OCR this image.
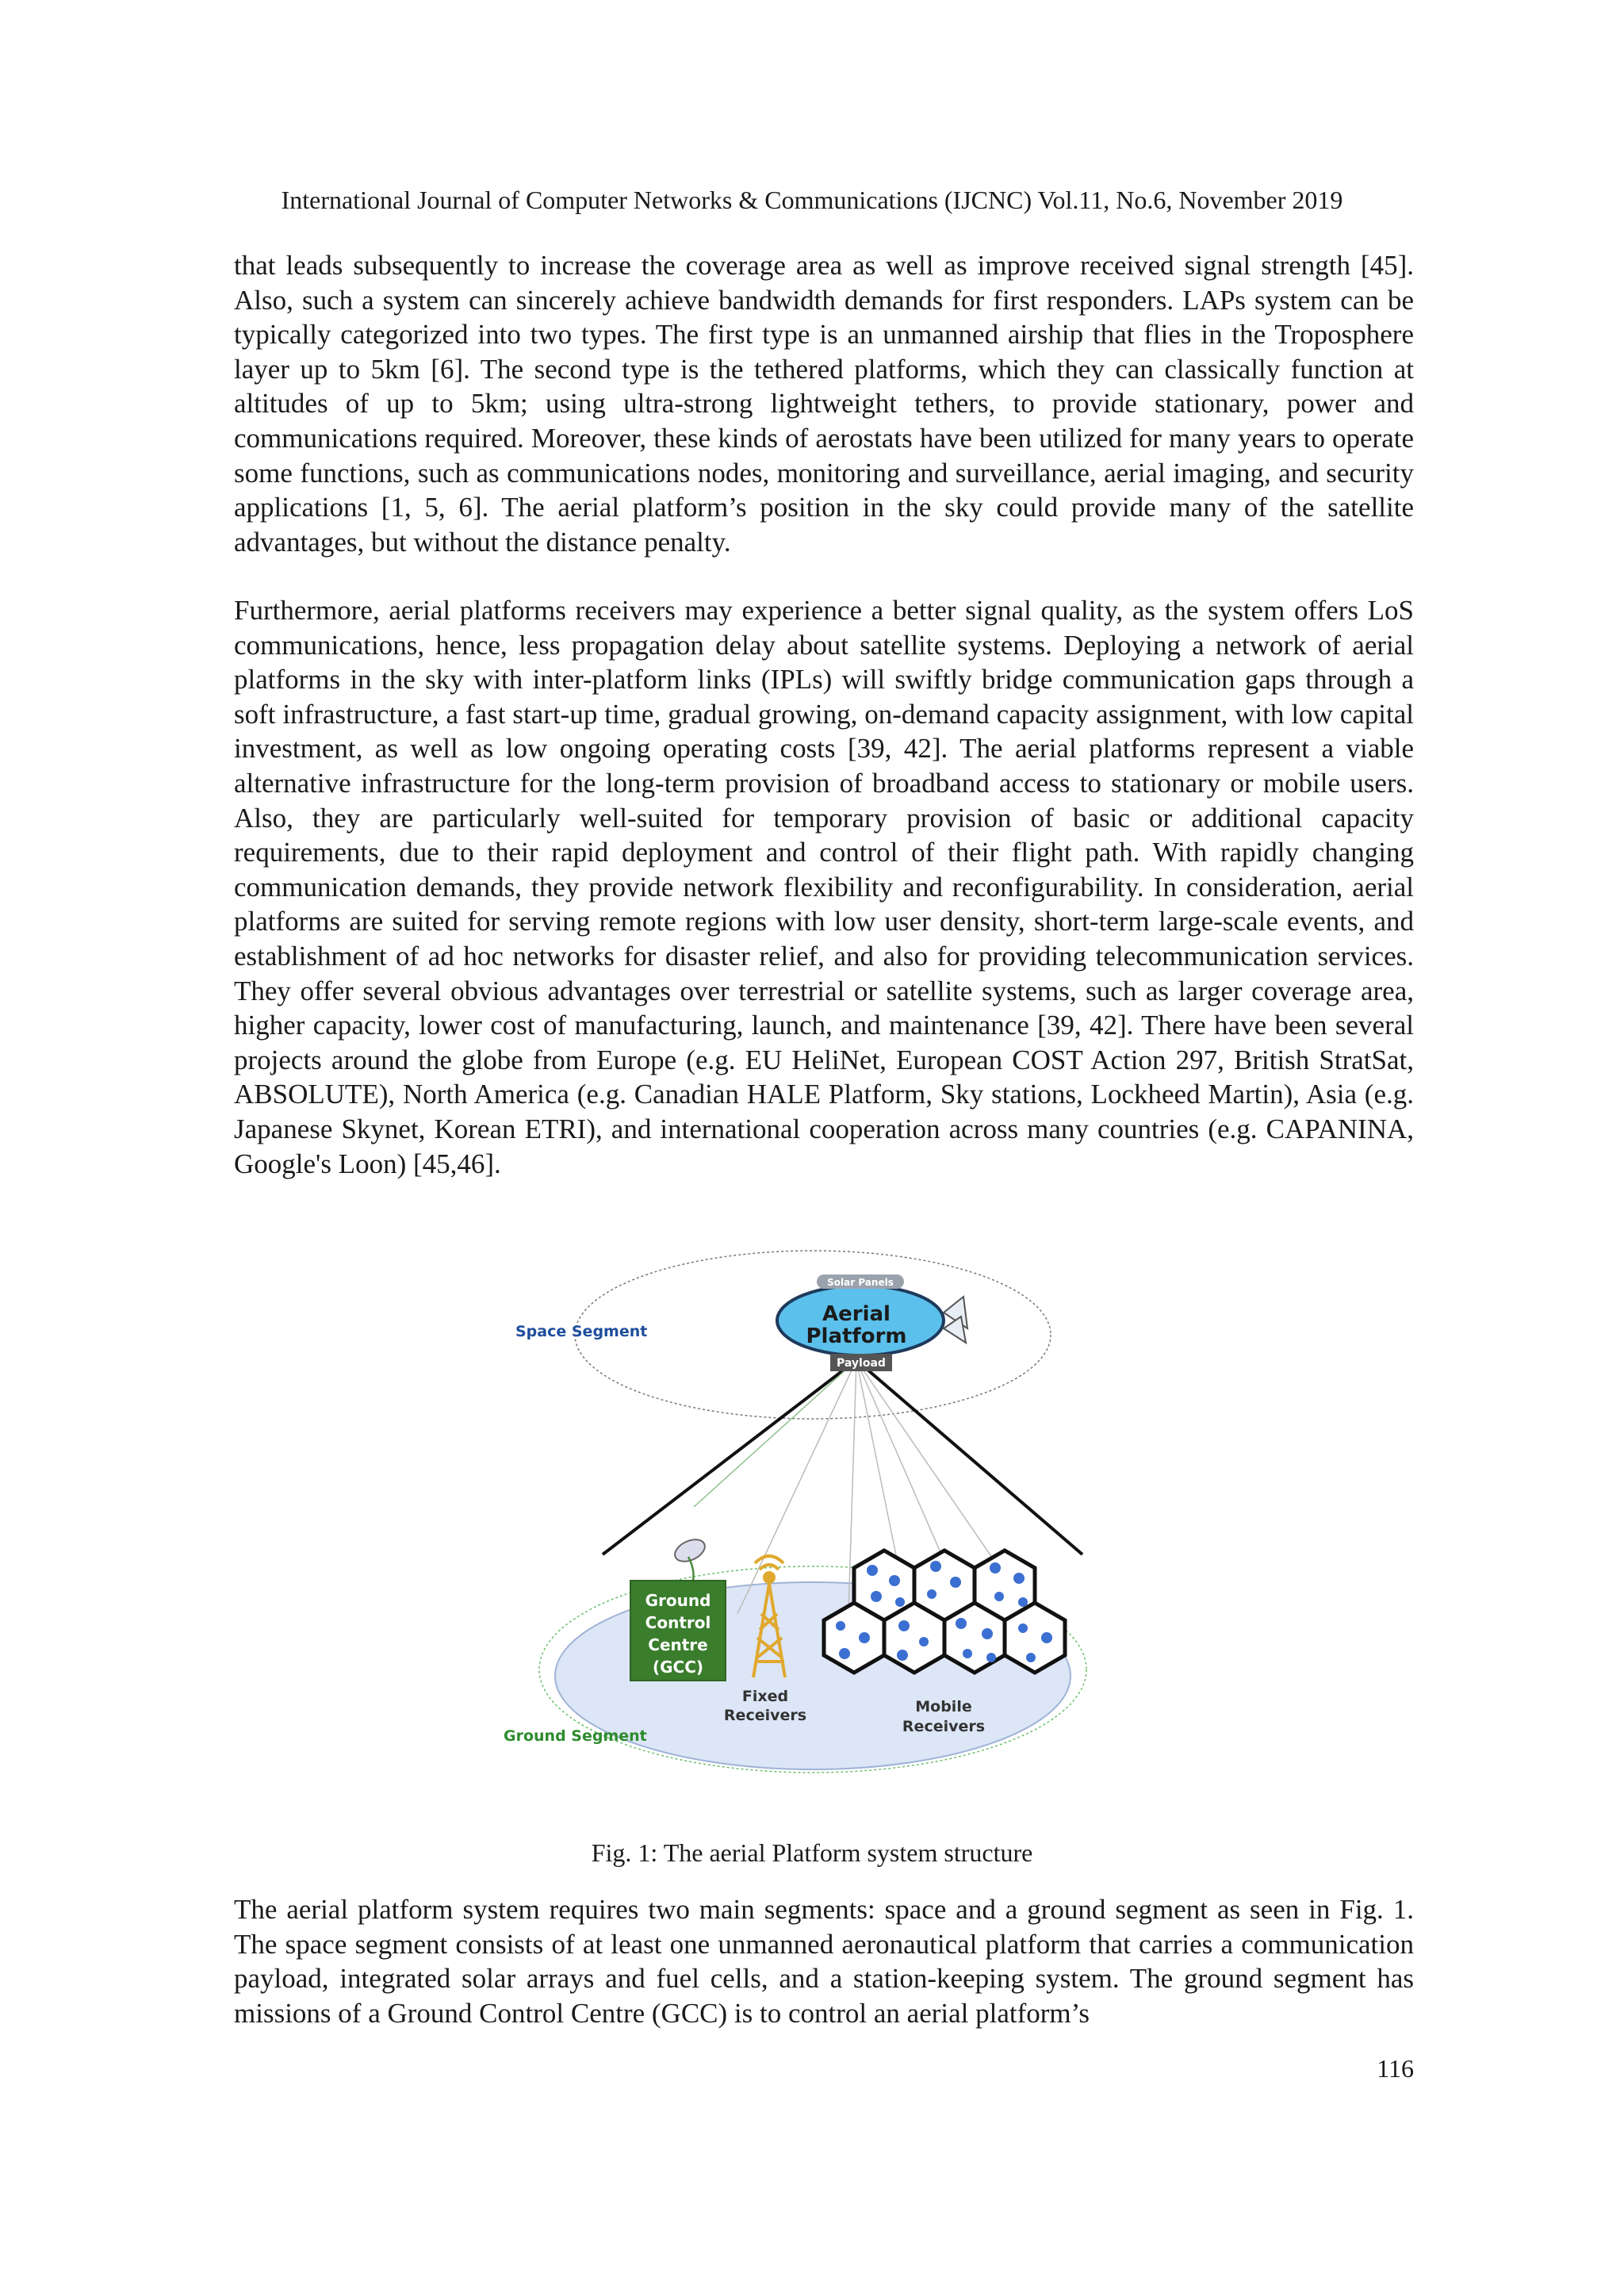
International Journal of Computer Networks & Communications (IJCNC) Vol.11, No.6, November 2019

that leads subsequently to increase the coverage area as well as improve received signal strength [45]. Also, such a system can sincerely achieve bandwidth demands for first responders. LAPs system can be typically categorized into two types. The first type is an unmanned airship that flies in the Troposphere layer up to 5km [6]. The second type is the tethered platforms, which they can classically function at altitudes of up to 5km; using ultra-strong lightweight tethers, to provide stationary, power and communications required. Moreover, these kinds of aerostats have been utilized for many years to operate some functions, such as communications nodes, monitoring and surveillance, aerial imaging, and security applications [1, 5, 6]. The aerial platform’s position in the sky could provide many of the satellite advantages, but without the distance penalty.

Furthermore, aerial platforms receivers may experience a better signal quality, as the system offers LoS communications, hence, less propagation delay about satellite systems. Deploying a network of aerial platforms in the sky with inter-platform links (IPLs) will swiftly bridge communication gaps through a soft infrastructure, a fast start-up time, gradual growing, on-demand capacity assignment, with low capital investment, as well as low ongoing operating costs [39, 42]. The aerial platforms represent a viable alternative infrastructure for the long-term provision of broadband access to stationary or mobile users. Also, they are particularly well-suited for temporary provision of basic or additional capacity requirements, due to their rapid deployment and control of their flight path. With rapidly changing communication demands, they provide network flexibility and reconfigurability. In consideration, aerial platforms are suited for serving remote regions with low user density, short-term large-scale events, and establishment of ad hoc networks for disaster relief, and also for providing telecommunication services. They offer several obvious advantages over terrestrial or satellite systems, such as larger coverage area, higher capacity, lower cost of manufacturing, launch, and maintenance [39, 42]. There have been several projects around the globe from Europe (e.g. EU HeliNet, European COST Action 297, British StratSat, ABSOLUTE), North America (e.g. Canadian HALE Platform, Sky stations, Lockheed Martin), Asia (e.g. Japanese Skynet, Korean ETRI), and international cooperation across many countries (e.g. CAPANINA, Google's Loon) [45,46].

Space Segment
Ground Segment
Solar Panels
Aerial
Platform
Payload
Ground
Control
Centre
(GCC)
Fixed
Receivers	Mobile
Receivers
Fig. 1: The aerial Platform system structure

The aerial platform system requires two main segments: space and a ground segment as seen in Fig. 1. The space segment consists of at least one unmanned aeronautical platform that carries a communication payload, integrated solar arrays and fuel cells, and a station-keeping system. The ground segment has missions of a Ground Control Centre (GCC) is to control an aerial platform’s

116
